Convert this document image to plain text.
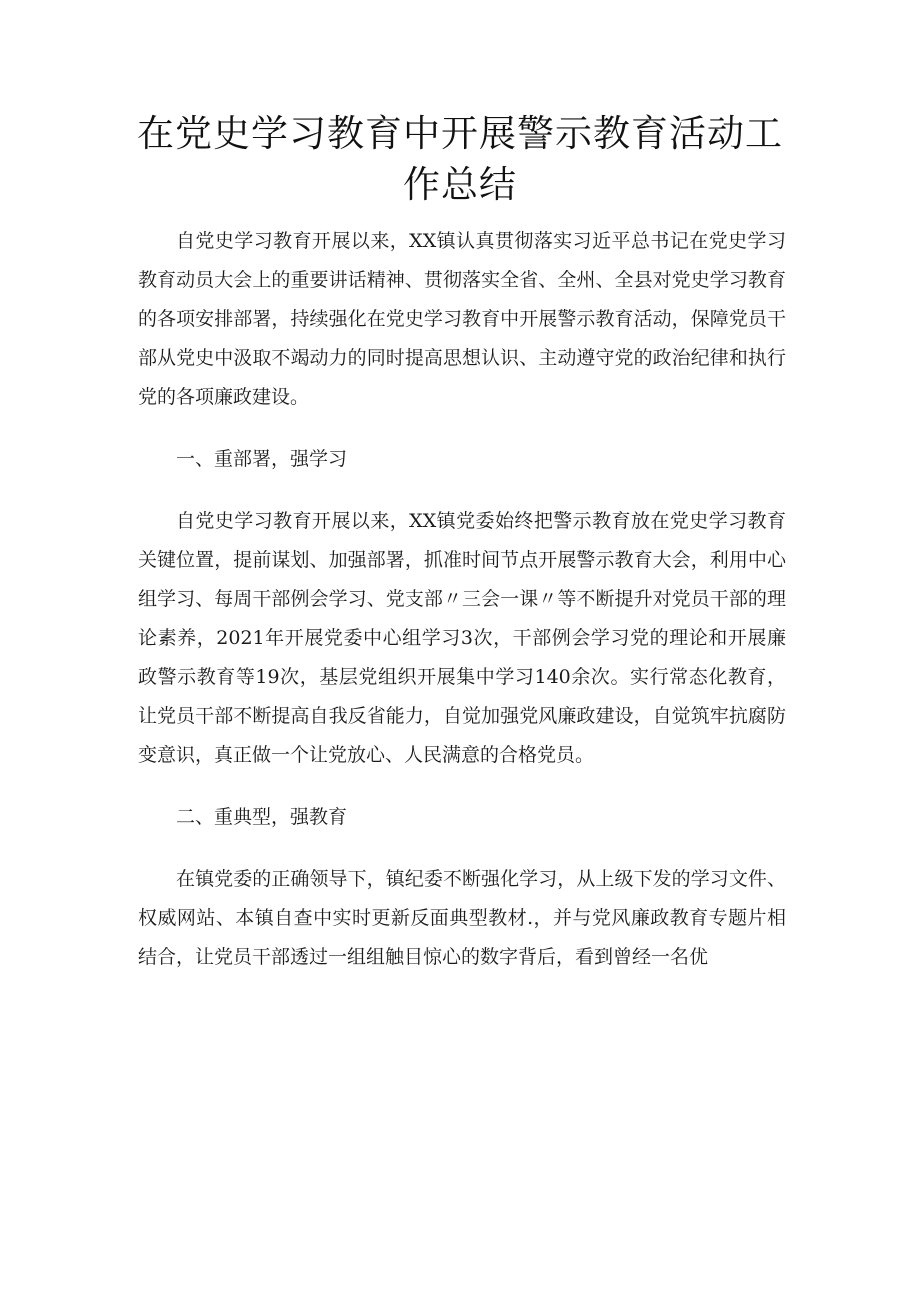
在党史学习教育中开展警示教育活动工作总结

自党史学习教育开展以来，XX镇认真贯彻落实习近平总书记在党史学习教育动员大会上的重要讲话精神、贯彻落实全省、全州、全县对党史学习教育的各项安排部署，持续强化在党史学习教育中开展警示教育活动，保障党员干部从党史中汲取不竭动力的同时提高思想认识、主动遵守党的政治纪律和执行党的各项廉政建设。

一、重部署，强学习

自党史学习教育开展以来，XX镇党委始终把警示教育放在党史学习教育关键位置，提前谋划、加强部署，抓准时间节点开展警示教育大会，利用中心组学习、每周干部例会学习、党支部〃三会一课〃等不断提升对党员干部的理论素养，2021年开展党委中心组学习3次，干部例会学习党的理论和开展廉政警示教育等19次，基层党组织开展集中学习140余次。实行常态化教育，让党员干部不断提高自我反省能力，自觉加强党风廉政建设，自觉筑牢抗腐防变意识，真正做一个让党放心、人民满意的合格党员。

二、重典型，强教育

在镇党委的正确领导下，镇纪委不断强化学习，从上级下发的学习文件、权威网站、本镇自查中实时更新反面典型教材.，并与党风廉政教育专题片相结合，让党员干部透过一组组触目惊心的数字背后，看到曾经一名优
